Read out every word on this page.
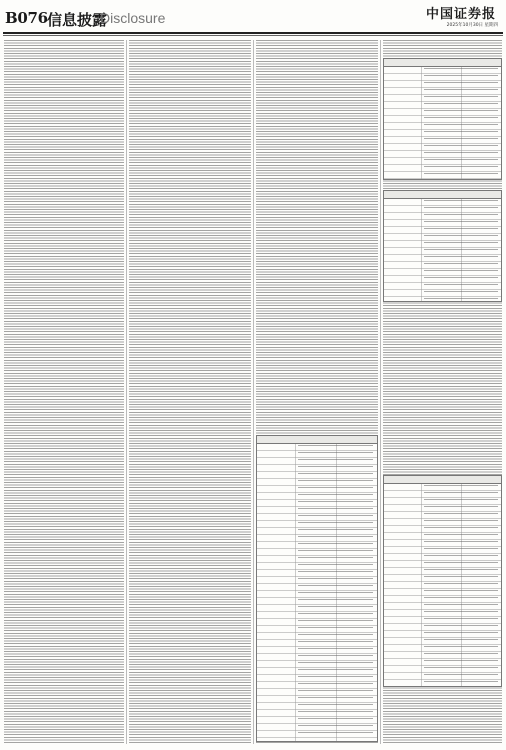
B076 信息披露
Disclosure	中国证券报
2025年10月30日 星期四
